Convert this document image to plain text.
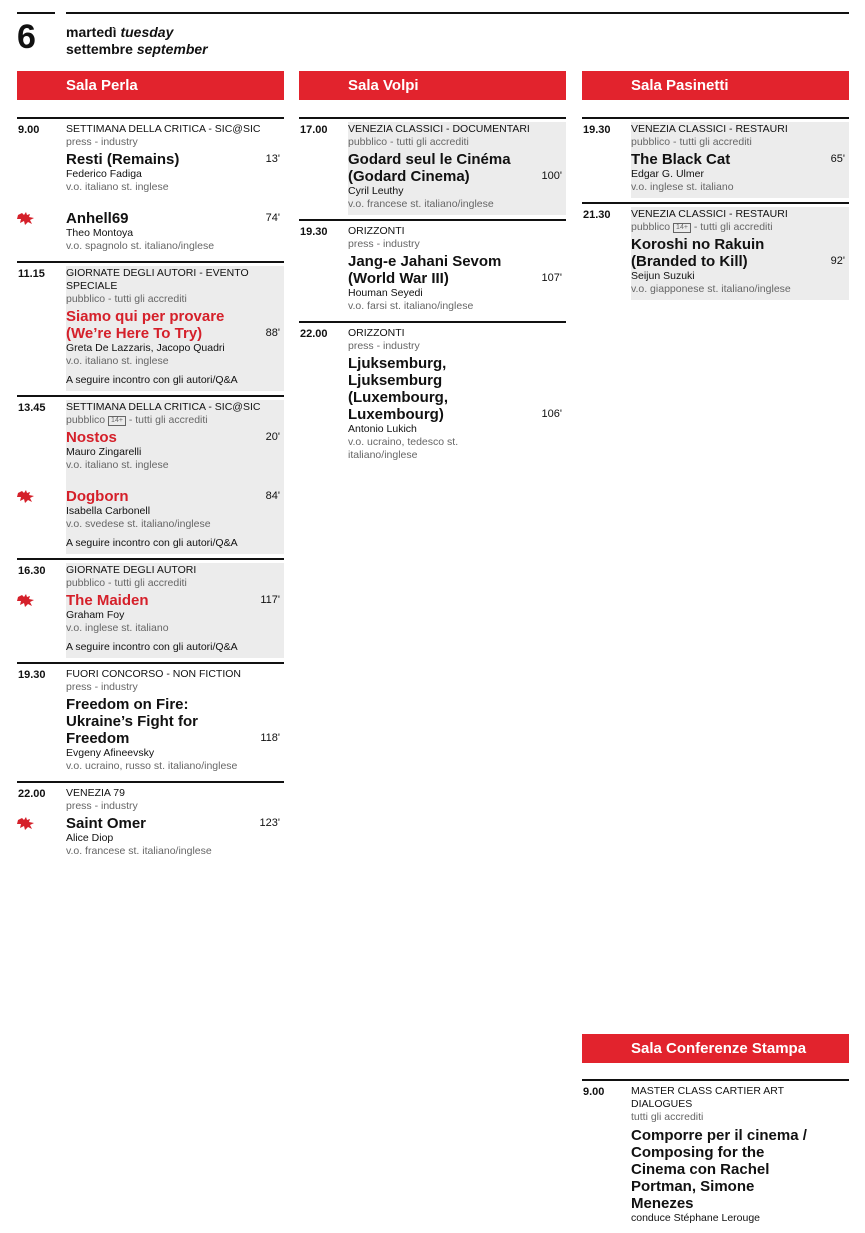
6 martedì tuesday
settembre september
Sala Perla
9.00	SETTIMANA DELLA CRITICA - SIC@SIC
press - industry
Resti (Remains)	13'
Federico Fadiga
v.o. italiano st. inglese
Anhell69	74'
Theo Montoya
v.o. spagnolo st. italiano/inglese
11.15	GIORNATE DEGLI AUTORI - EVENTO SPECIALE
pubblico - tutti gli accrediti
Siamo qui per provare (We’re Here To Try)	88'
Greta De Lazzaris, Jacopo Quadri
v.o. italiano st. inglese
A seguire incontro con gli autori/Q&A
13.45	SETTIMANA DELLA CRITICA - SIC@SIC
pubblico 14+ - tutti gli accrediti
Nostos	20'
Mauro Zingarelli
v.o. italiano st. inglese
Dogborn	84'
Isabella Carbonell
v.o. svedese st. italiano/inglese
A seguire incontro con gli autori/Q&A
16.30	GIORNATE DEGLI AUTORI
pubblico - tutti gli accrediti
The Maiden	117'
Graham Foy
v.o. inglese st. italiano
A seguire incontro con gli autori/Q&A
19.30	FUORI CONCORSO - NON FICTION
press - industry
Freedom on Fire: Ukraine’s Fight for Freedom	118'
Evgeny Afineevsky
v.o. ucraino, russo st. italiano/inglese
22.00	VENEZIA 79
press - industry
Saint Omer	123'
Alice Diop
v.o. francese st. italiano/inglese
Sala Volpi
17.00	VENEZIA CLASSICI - DOCUMENTARI
pubblico - tutti gli accrediti
Godard seul le Cinéma (Godard Cinema)	100'
Cyril Leuthy
v.o. francese st. italiano/inglese
19.30	ORIZZONTI
press - industry
Jang-e Jahani Sevom (World War III)	107'
Houman Seyedi
v.o. farsi st. italiano/inglese
22.00	ORIZZONTI
press - industry
Ljuksemburg, Ljuksemburg (Luxembourg, Luxembourg)	106'
Antonio Lukich
v.o. ucraino, tedesco st. italiano/inglese
Sala Pasinetti
19.30	VENEZIA CLASSICI - RESTAURI
pubblico - tutti gli accrediti
The Black Cat	65'
Edgar G. Ulmer
v.o. inglese st. italiano
21.30	VENEZIA CLASSICI - RESTAURI
pubblico 14+ - tutti gli accrediti
Koroshi no Rakuin (Branded to Kill)	92'
Seijun Suzuki
v.o. giapponese st. italiano/inglese
Sala Conferenze Stampa
9.00	MASTER CLASS CARTIER ART DIALOGUES
tutti gli accrediti
Comporre per il cinema / Composing for the Cinema con Rachel Portman, Simone Menezes
conduce Stéphane Lerouge
